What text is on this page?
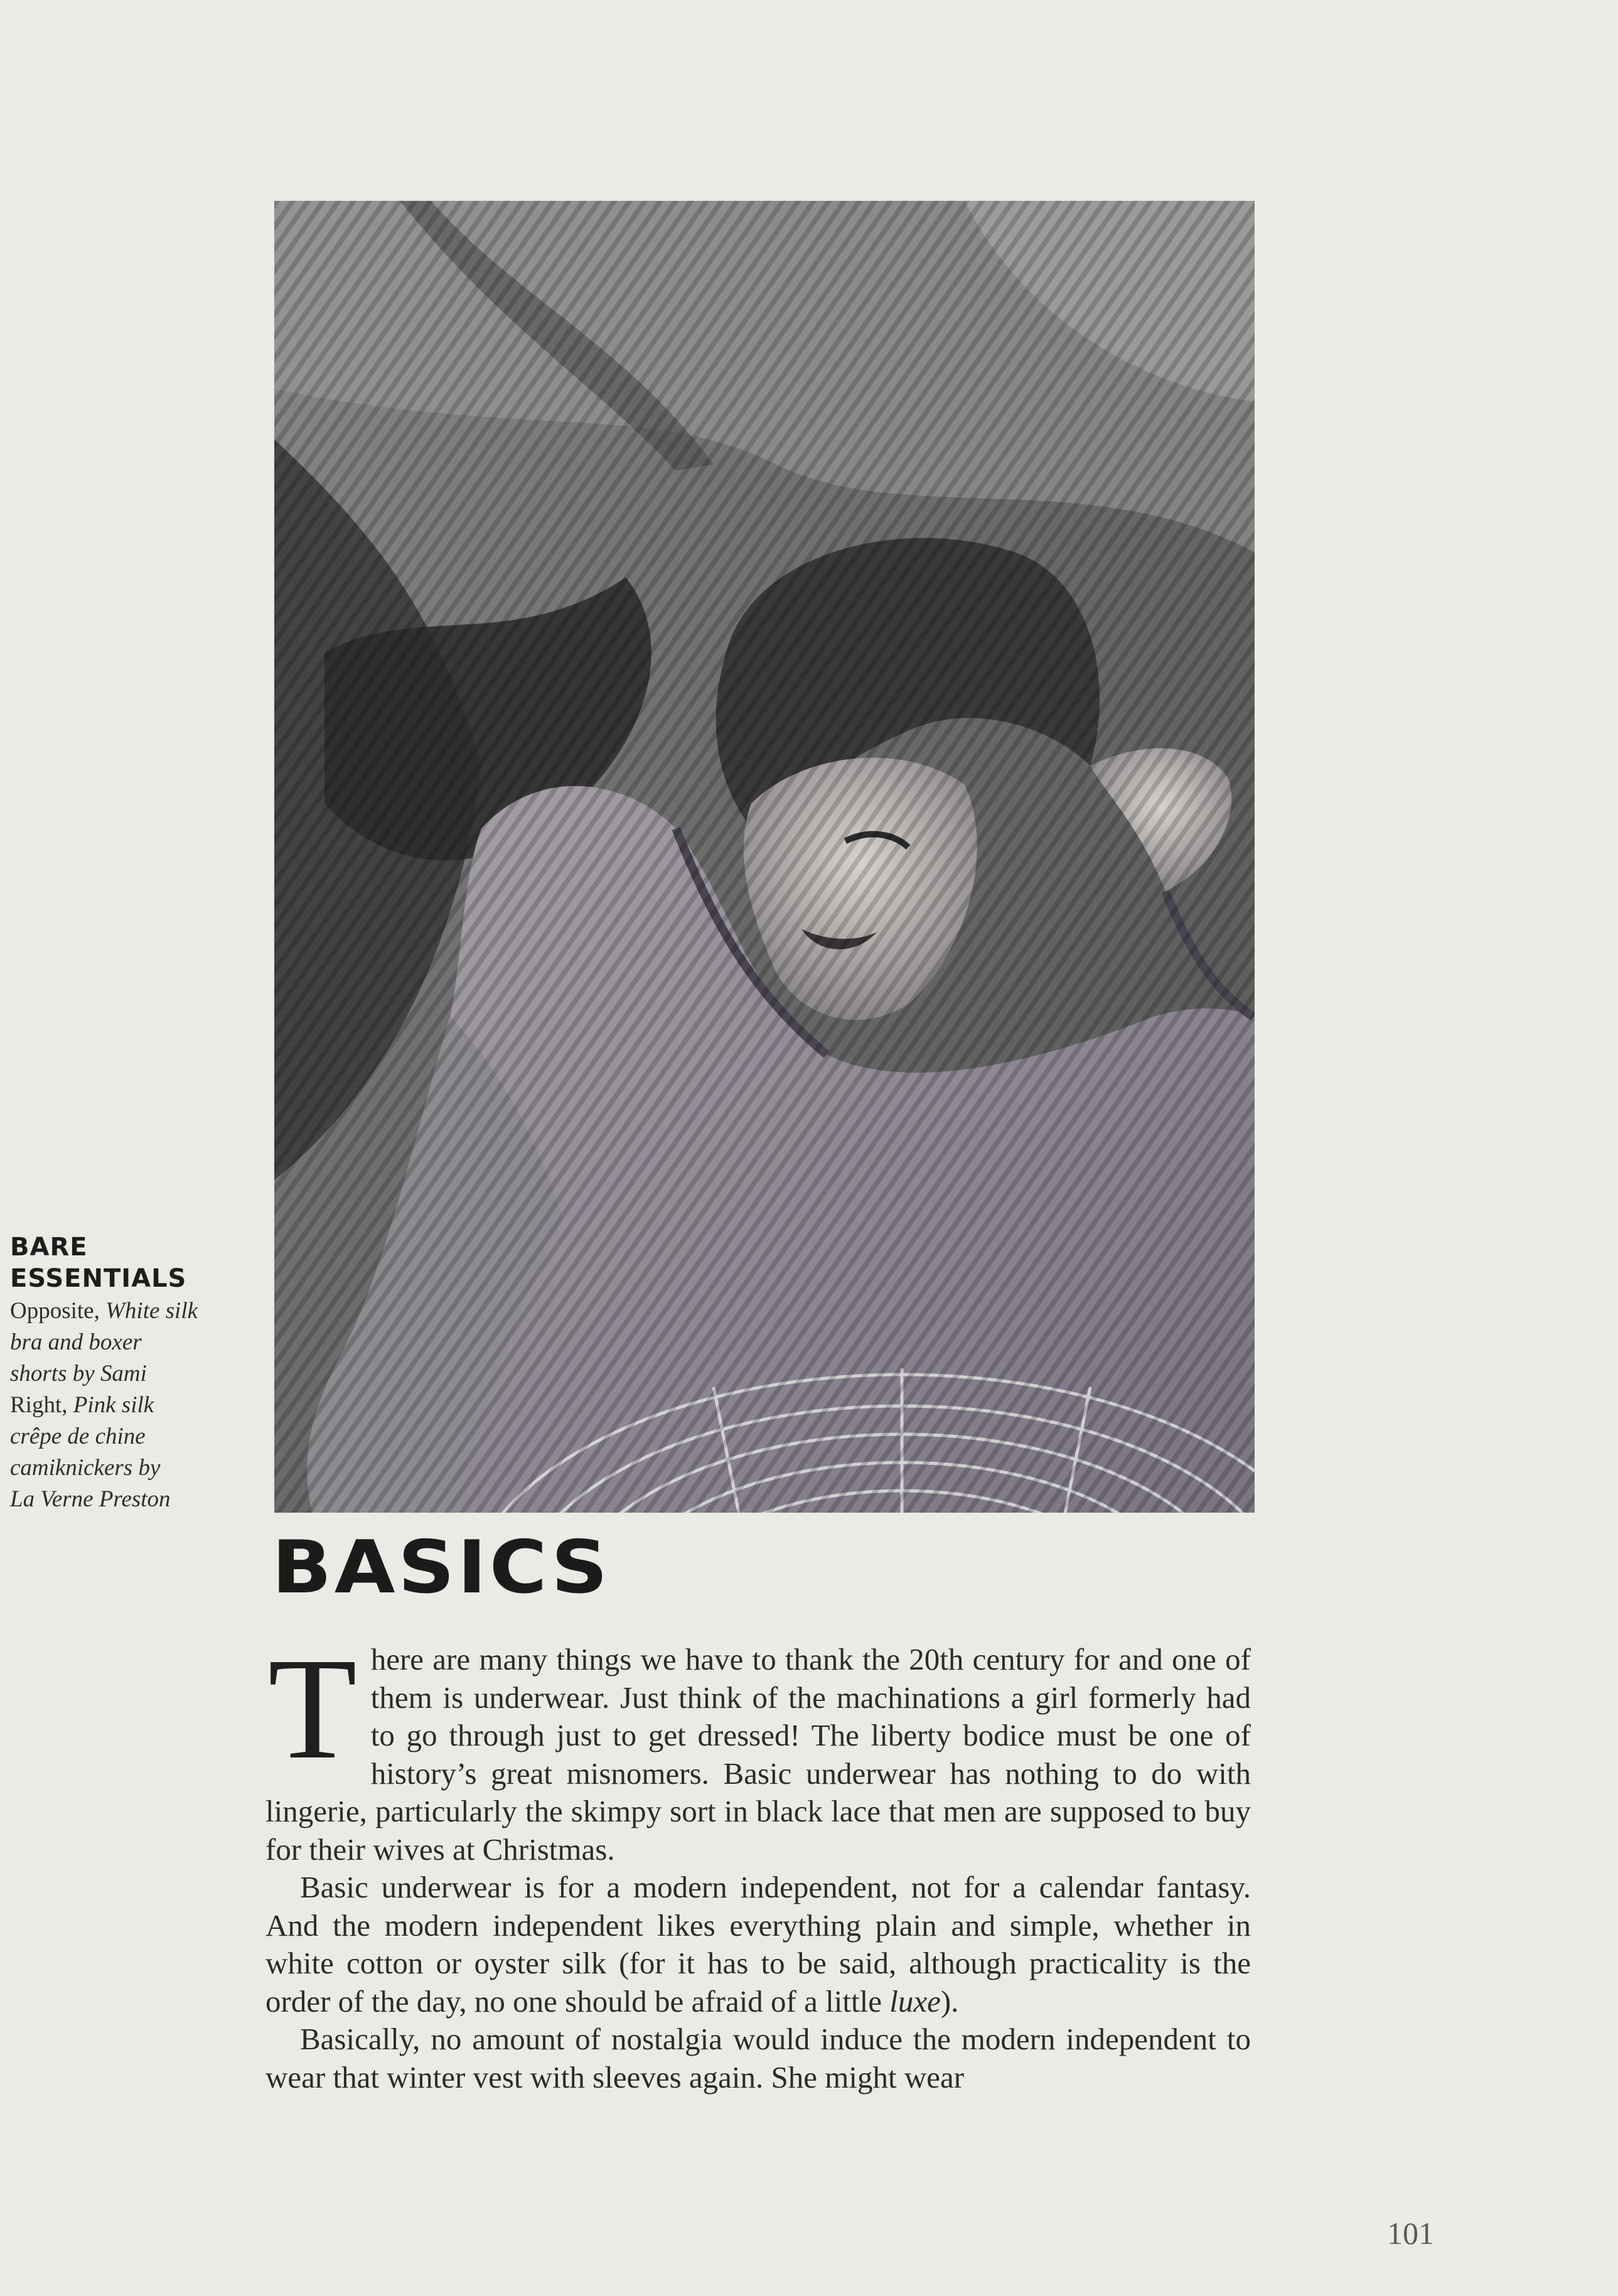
BARE
ESSENTIALS

Opposite, White silk

bra and boxer

shorts by Sami

Right, Pink silk

crêpe de chine

camiknickers by

La Verne Preston

BASICS

There are many things we have to thank the 20th century for and one of them is underwear. Just think of the machinations a girl formerly had to go through just to get dressed! The liberty bodice must be one of history’s great misnomers. Basic underwear has nothing to do with lingerie, particularly the skimpy sort in black lace that men are supposed to buy for their wives at Christmas.

Basic underwear is for a modern independent, not for a calendar fantasy. And the modern independent likes everything plain and simple, whether in white cotton or oyster silk (for it has to be said, although practicality is the order of the day, no one should be afraid of a little luxe).

Basically, no amount of nostalgia would induce the modern independent to wear that winter vest with sleeves again. She might wear

101
